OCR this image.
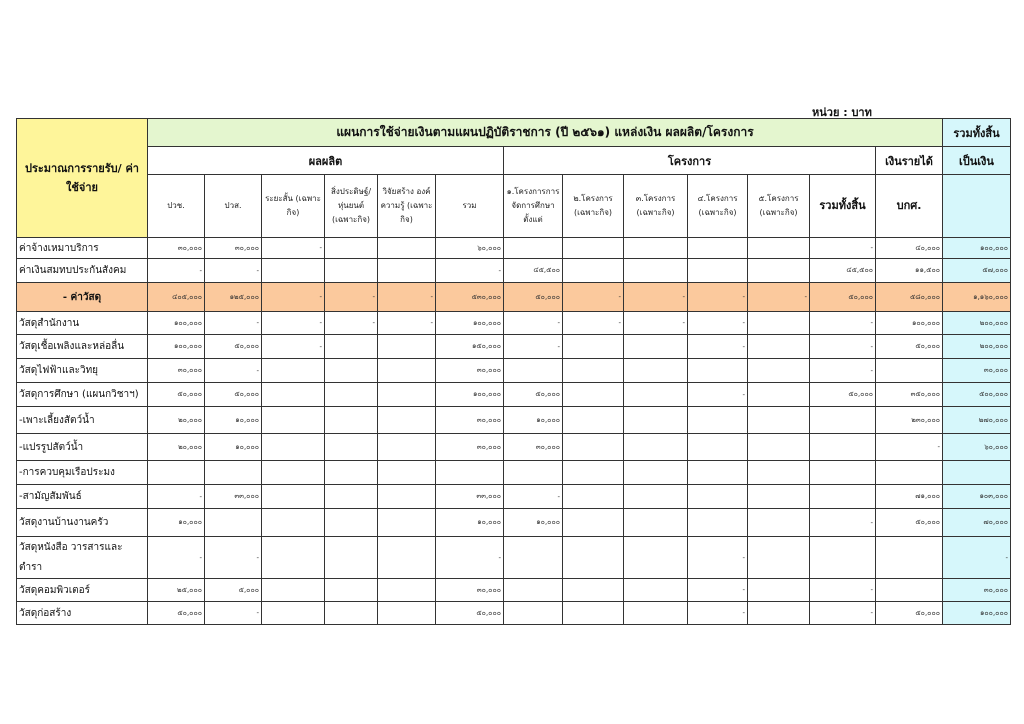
หน่วย : บาท
ประมาณการรายรับ/ ค่าใช้จ่าย	แผนการใช้จ่ายเงินตามแผนปฏิบัติราชการ (ปี ๒๕๖๑) แหล่งเงิน ผลผลิต/โครงการ													รวมทั้งสิ้น
	ผลผลิต						โครงการ						เงินรายได้	เป็นเงิน
	ปวช.	ปวส.	ระยะสั้น (เฉพาะกิจ)	สิ่งประดิษฐ์/ หุ่นยนต์ (เฉพาะกิจ)	วิจัยสร้าง องค์ความรู้ (เฉพาะกิจ)	รวม	๑.โครงการการ จัดการศึกษา ตั้งแต่	๒.โครงการ (เฉพาะกิจ)	๓.โครงการ (เฉพาะกิจ)	๔.โครงการ (เฉพาะกิจ)	๕.โครงการ (เฉพาะกิจ)	รวมทั้งสิ้น	บกศ.	
ค่าจ้างเหมาบริการ	๓๐,๐๐๐	๓๐,๐๐๐	-			๖๐,๐๐๐						-	๔๐,๐๐๐	๑๐๐,๐๐๐
ค่าเงินสมทบประกันสังคม	-	-				-	๔๕,๕๐๐					๔๕,๕๐๐	๑๑,๕๐๐	๕๗,๐๐๐
- ค่าวัสดุ	๔๐๕,๐๐๐	๑๒๕,๐๐๐	-	-	-	๕๓๐,๐๐๐	๕๐,๐๐๐	-	-	-	-	๕๐,๐๐๐	๕๘๐,๐๐๐	๑,๑๖๐,๐๐๐
วัสดุสำนักงาน	๑๐๐,๐๐๐	-	-	-	-	๑๐๐,๐๐๐	-	-	-	-		-	๑๐๐,๐๐๐	๒๐๐,๐๐๐
วัสดุเชื้อเพลิงและหล่อลื่น	๑๐๐,๐๐๐	๕๐,๐๐๐	-			๑๕๐,๐๐๐	-			-		-	๕๐,๐๐๐	๒๐๐,๐๐๐
วัสดุไฟฟ้าและวิทยุ	๓๐,๐๐๐	-				๓๐,๐๐๐						-		๓๐,๐๐๐
วัสดุการศึกษา (แผนกวิชาฯ)	๕๐,๐๐๐	๕๐,๐๐๐				๑๐๐,๐๐๐	๕๐,๐๐๐			-		๕๐,๐๐๐	๓๕๐,๐๐๐	๕๐๐,๐๐๐
-เพาะเลี้ยงสัตว์น้ำ	๒๐,๐๐๐	๑๐,๐๐๐				๓๐,๐๐๐	๑๐,๐๐๐						๒๓๐,๐๐๐	๒๗๐,๐๐๐
-แปรรูปสัตว์น้ำ	๒๐,๐๐๐	๑๐,๐๐๐				๓๐,๐๐๐	๓๐,๐๐๐						-	๖๐,๐๐๐
-การควบคุมเรือประมง														
-สามัญสัมพันธ์	-	๓๓,๐๐๐				๓๓,๐๐๐	-						๗๑,๐๐๐	๑๐๓,๐๐๐
วัสดุงานบ้านงานครัว	๑๐,๐๐๐					๑๐,๐๐๐	๑๐,๐๐๐					-	๕๐,๐๐๐	๗๐,๐๐๐
วัสดุหนังสือ วารสารและตำรา	-	-				-				-				-
วัสดุคอมพิวเตอร์	๒๕,๐๐๐	๕,๐๐๐				๓๐,๐๐๐				-		-		๓๐,๐๐๐
วัสดุก่อสร้าง	๕๐,๐๐๐	-				๕๐,๐๐๐				-		-	๕๐,๐๐๐	๑๐๐,๐๐๐
